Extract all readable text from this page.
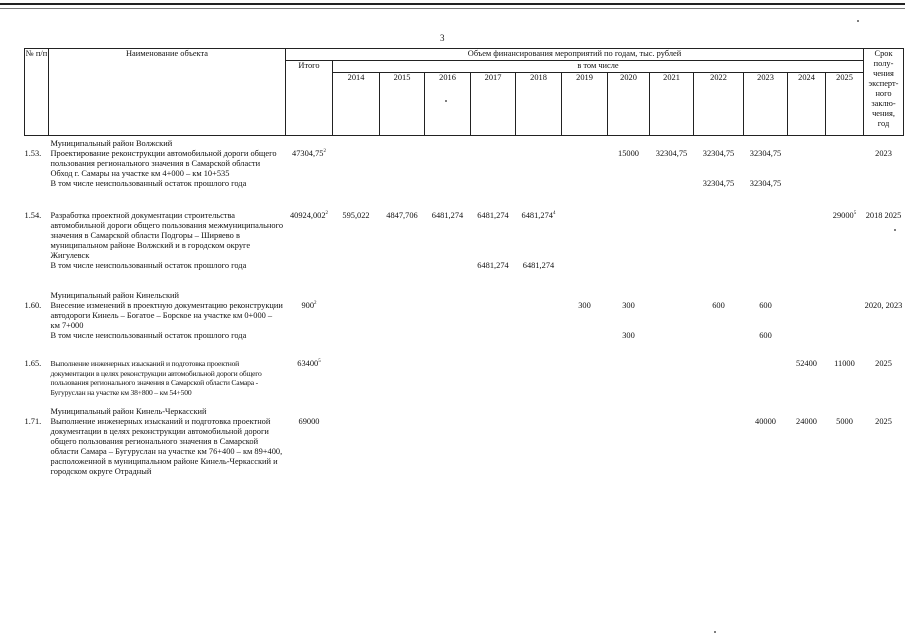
3
№ п/п	Наименование объекта	Объем финансирования мероприятий по годам, тыс. рублей													Срок полу-чения эксперт-ного заклю-чения, год
		Итого	в том числе												
			2014	2015	2016	2017	2018	2019	2020	2021	2022	2023	2024	2025	

	Муниципальный район Волжский														
1.53.	Проектирование реконструкции автомобильной дороги общего пользования регионального значения в Самарской области Обход г. Самары на участке км 4+000 – км 10+535	47304,75$^2$							15000	32304,75	32304,75	32304,75			2023
	В том числе неиспользованный остаток прошлого года										32304,75	32304,75			

1.54.	Разработка проектной документации строительства автомобильной дороги общего пользования межмуниципального значения в Самарской области Подгоры – Ширяево в муниципальном районе Волжский и в городском округе Жигулевск	40924,002$^2$	595,022	4847,706	6481,274	6481,274	6481,274$^4$							29000$^5$	2018 2025
	В том числе неиспользованный остаток прошлого года					6481,274	6481,274								

	Муниципальный район Кинельский														
1.60.	Внесение изменений в проектную документацию реконструкции автодороги Кинель – Богатое – Борское на участке км 0+000 – км 7+000	$900^2$						300	300		600	600			2020, 2023
	В том числе неиспользованный остаток прошлого года								300			600			

1.65.	Выполнение инженерных изысканий и подготовка проектной документации в целях реконструкции автомобильной дороги общего пользования регионального значения в Самарской области Самара - Бугуруслан на участке км 38+800 – км 54+500	63400$^5$											52400	11000	2025

	Муниципальный район Кинель-Черкасский														
1.71.	Выполнение инженерных изысканий и подготовка проектной документации в целях реконструкции автомобильной дороги общего пользования регионального значения в Самарской области Самара – Бугуруслан на участке км 76+400 – км 89+400, расположенной в муниципальном районе Кинель-Черкасский и городском округе Отрадный	69000										40000	24000	5000	2025
